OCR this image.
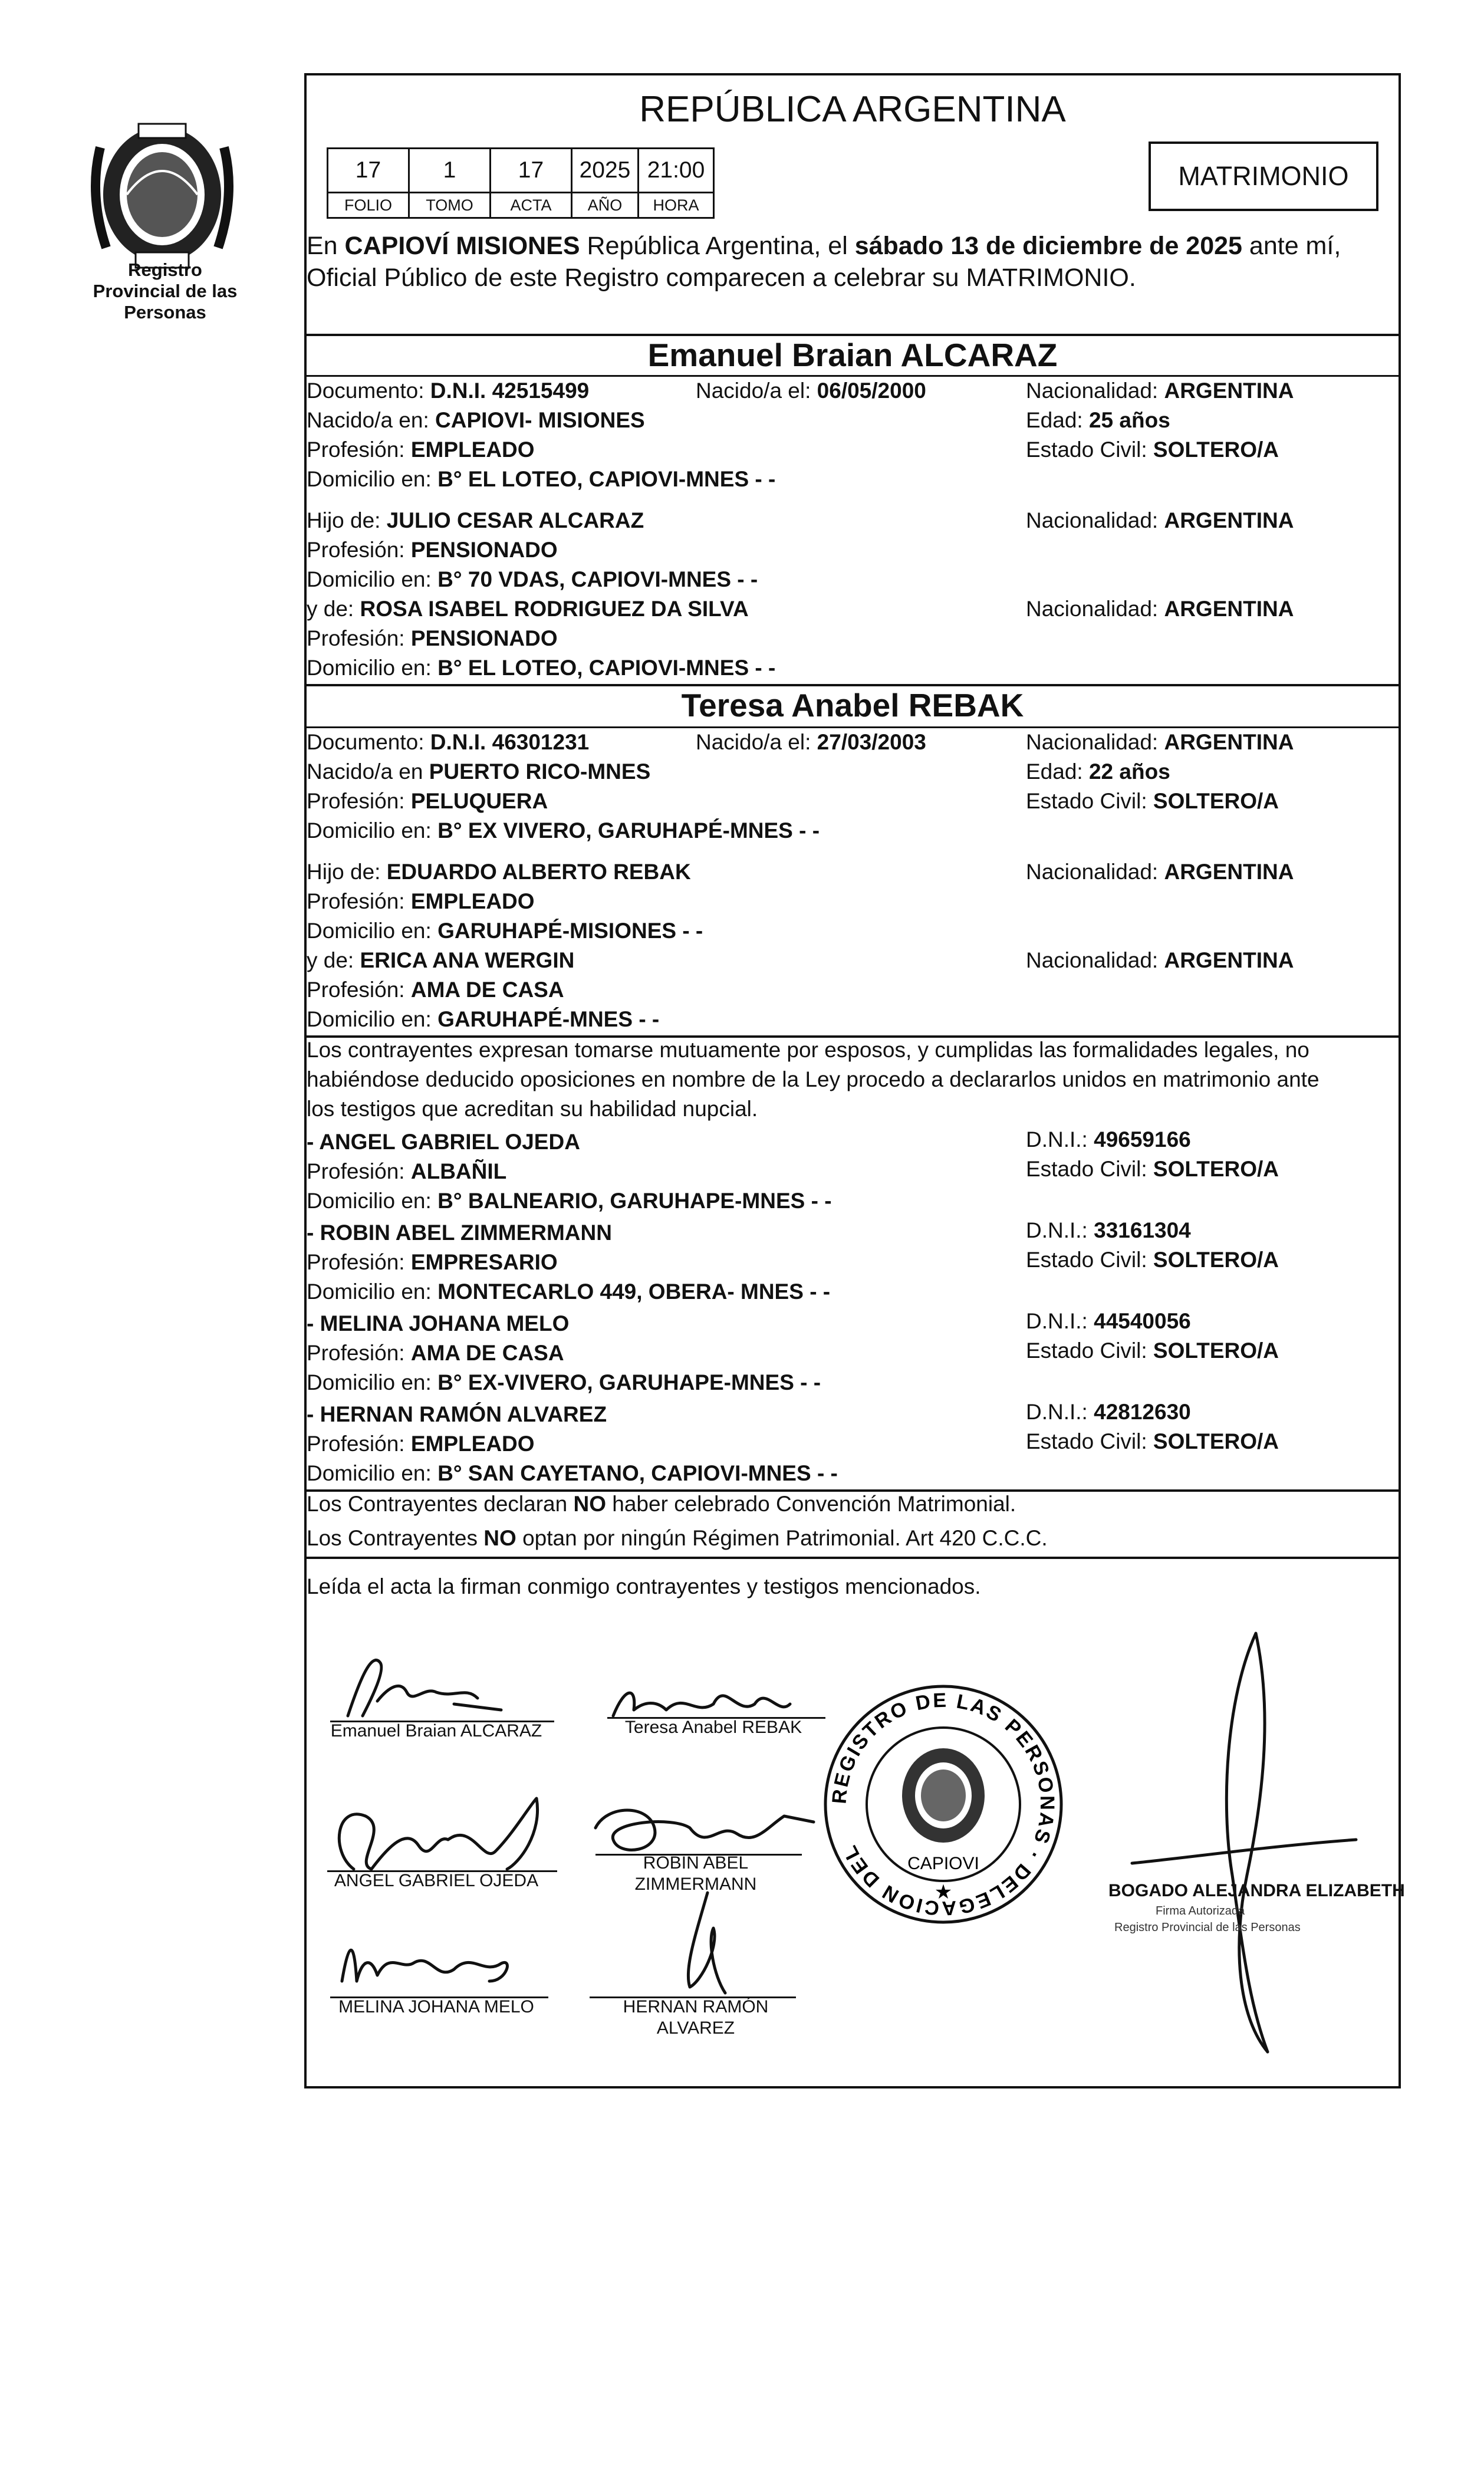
Registro Provincial de las Personas
REPÚBLICA ARGENTINA
17	1	17	2025	21:00
FOLIO	TOMO	ACTA	AÑO	HORA
MATRIMONIO
En CAPIOVÍ MISIONES República Argentina, el sábado 13 de diciembre de 2025 ante mí,
Oficial Público de este Registro comparecen a celebrar su MATRIMONIO.
Emanuel Braian ALCARAZ
Documento: D.N.I. 42515499	Nacido/a el: 06/05/2000	Nacionalidad: ARGENTINA
Nacido/a en: CAPIOVI- MISIONES	Edad: 25 años
Profesión: EMPLEADO	Estado Civil: SOLTERO/A
Domicilio en: B° EL LOTEO, CAPIOVI-MNES - -
Hijo de: JULIO CESAR ALCARAZ	Nacionalidad: ARGENTINA
Profesión: PENSIONADO
Domicilio en: B° 70 VDAS, CAPIOVI-MNES - -
y de: ROSA ISABEL RODRIGUEZ DA SILVA	Nacionalidad: ARGENTINA
Profesión: PENSIONADO
Domicilio en: B° EL LOTEO, CAPIOVI-MNES - -
Teresa Anabel REBAK
Documento: D.N.I. 46301231	Nacido/a el: 27/03/2003	Nacionalidad: ARGENTINA
Nacido/a en PUERTO RICO-MNES	Edad: 22 años
Profesión: PELUQUERA	Estado Civil: SOLTERO/A
Domicilio en: B° EX VIVERO, GARUHAPÉ-MNES - -
Hijo de: EDUARDO ALBERTO REBAK	Nacionalidad: ARGENTINA
Profesión: EMPLEADO
Domicilio en: GARUHAPÉ-MISIONES - -
y de: ERICA ANA WERGIN	Nacionalidad: ARGENTINA
Profesión: AMA DE CASA
Domicilio en: GARUHAPÉ-MNES - -
Los contrayentes expresan tomarse mutuamente por esposos, y cumplidas las formalidades legales, no
habiéndose deducido oposiciones en nombre de la Ley procedo a declararlos unidos en matrimonio ante
los testigos que acreditan su habilidad nupcial.
- ANGEL GABRIEL OJEDA	D.N.I.: 49659166
Profesión: ALBAÑIL	Estado Civil: SOLTERO/A
Domicilio en: B° BALNEARIO, GARUHAPE-MNES - -
- ROBIN ABEL ZIMMERMANN	D.N.I.: 33161304
Profesión: EMPRESARIO	Estado Civil: SOLTERO/A
Domicilio en: MONTECARLO 449, OBERA- MNES - -
- MELINA JOHANA MELO	D.N.I.: 44540056
Profesión: AMA DE CASA	Estado Civil: SOLTERO/A
Domicilio en: B° EX-VIVERO, GARUHAPE-MNES - -
- HERNAN RAMÓN ALVAREZ	D.N.I.: 42812630
Profesión: EMPLEADO	Estado Civil: SOLTERO/A
Domicilio en: B° SAN CAYETANO, CAPIOVI-MNES - -
Los Contrayentes declaran NO haber celebrado Convención Matrimonial.
Los Contrayentes NO optan por ningún Régimen Patrimonial. Art 420 C.C.C.
Leída el acta la firman conmigo contrayentes y testigos mencionados.
Emanuel Braian ALCARAZ	Teresa Anabel REBAK
ANGEL GABRIEL OJEDA
ROBIN ABEL
ZIMMERMANN
MELINA JOHANA MELO	HERNAN RAMÓN
ALVAREZ
REGISTRO DE LAS PERSONAS · DELEGACION DEL
CAPIOVI
★	BOGADO ALEJANDRA ELIZABETH
Firma Autorizada
Registro Provincial de las Personas
